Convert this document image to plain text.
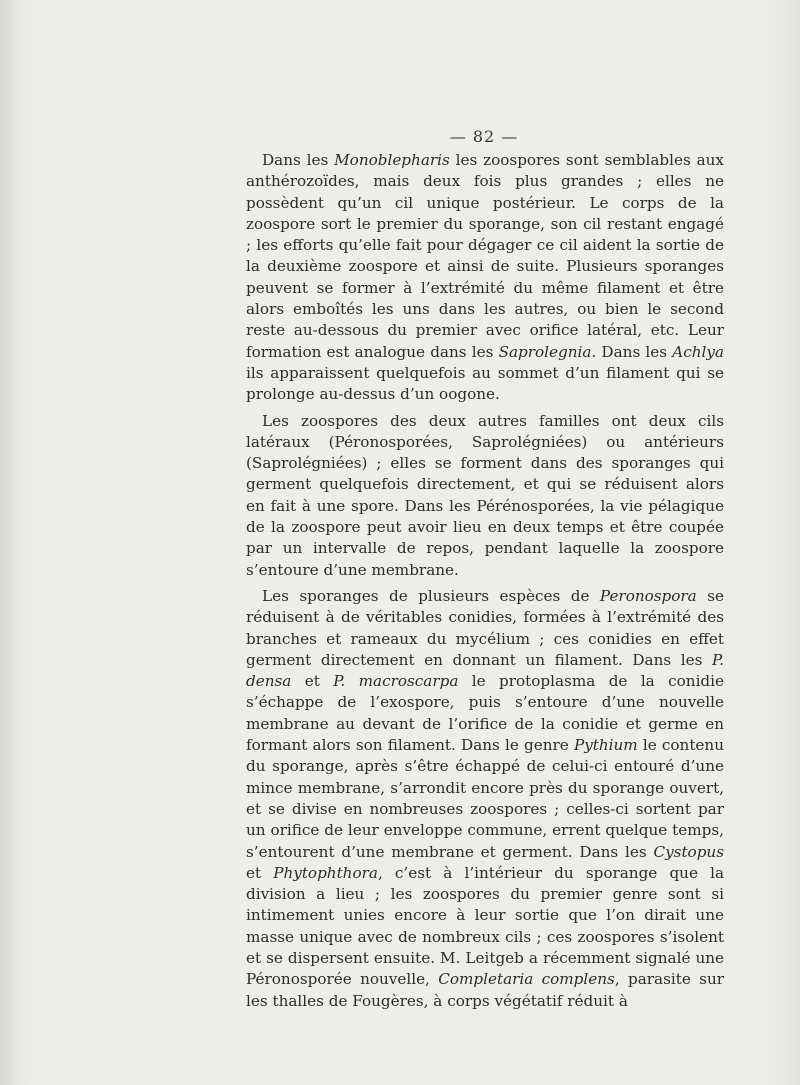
— 82 —

Dans les Monoblepharis les zoospores sont semblables aux anthérozoïdes, mais deux fois plus grandes ; elles ne possèdent qu’un cil unique postérieur. Le corps de la zoospore sort le premier du sporange, son cil restant engagé ; les efforts qu’elle fait pour dégager ce cil aident la sortie de la deuxième zoospore et ainsi de suite. Plusieurs sporanges peuvent se former à l’extrémité du même filament et être alors emboîtés les uns dans les autres, ou bien le second reste au-dessous du premier avec orifice latéral, etc. Leur formation est analogue dans les Saprolegnia. Dans les Achlya ils apparaissent quelquefois au sommet d’un filament qui se prolonge au-dessus d’un oogone.

Les zoospores des deux autres familles ont deux cils latéraux (Péronosporées, Saprolégniées) ou antérieurs (Saprolégniées) ; elles se forment dans des sporanges qui germent quelquefois directement, et qui se réduisent alors en fait à une spore. Dans les Pérénosporées, la vie pélagique de la zoospore peut avoir lieu en deux temps et être coupée par un intervalle de repos, pendant laquelle la zoospore s’entoure d’une membrane.

Les sporanges de plusieurs espèces de Peronospora se réduisent à de véritables conidies, formées à l’extrémité des branches et rameaux du mycélium ; ces conidies en effet germent directement en donnant un filament. Dans les P. densa et P. macroscarpa le protoplasma de la conidie s’échappe de l’exospore, puis s’entoure d’une nouvelle membrane au devant de l’orifice de la conidie et germe en formant alors son filament. Dans le genre Pythium le contenu du sporange, après s’être échappé de celui-ci entouré d’une mince membrane, s’arrondit encore près du sporange ouvert, et se divise en nombreuses zoospores ; celles-ci sortent par un orifice de leur enveloppe commune, errent quelque temps, s’entourent d’une membrane et germent. Dans les Cystopus et Phytophthora, c’est à l’intérieur du sporange que la division a lieu ; les zoospores du premier genre sont si intimement unies encore à leur sortie que l’on dirait une masse unique avec de nombreux cils ; ces zoospores s’isolent et se dispersent ensuite. M. Leitgeb a récemment signalé une Péronosporée nouvelle, Completaria complens, parasite sur les thalles de Fougères, à corps végétatif réduit à
